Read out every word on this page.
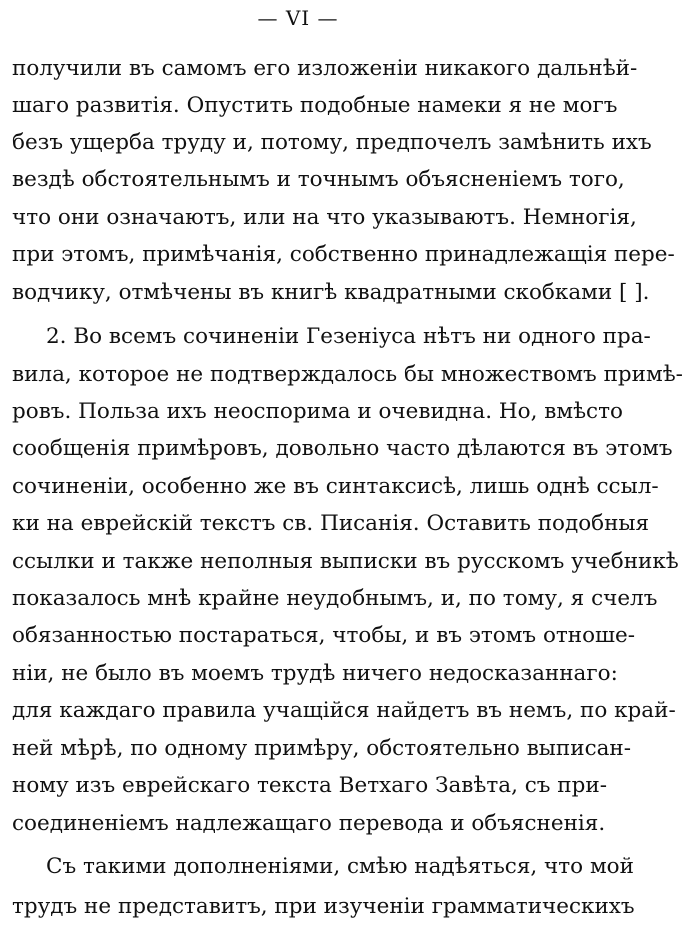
— VI —
получили въ самомъ его изложеніи никакого дальнѣй-
шаго развитія. Опустить подобные намеки я не могъ
безъ ущерба труду и, потому, предпочелъ замѣнить ихъ
вездѣ обстоятельнымъ и точнымъ объясненіемъ того,
что они означаютъ, или на что указываютъ. Немногія,
при этомъ, примѣчанія, собственно принадлежащія пере-
водчику, отмѣчены въ книгѣ квадратными скобками [ ].
2. Во всемъ сочиненіи Гезеніуса нѣтъ ни одного пра-
вила, которое не подтверждалось бы множествомъ примѣ-
ровъ. Польза ихъ неоспорима и очевидна. Но, вмѣсто
сообщенія примѣровъ, довольно часто дѣлаются въ этомъ
сочиненіи, особенно же въ синтаксисѣ, лишь однѣ ссыл-
ки на еврейскій текстъ св. Писанія. Оставить подобныя
ссылки и также неполныя выписки въ русскомъ учебникѣ
показалось мнѣ крайне неудобнымъ, и, по тому, я счелъ
обязанностью постараться, чтобы, и въ этомъ отноше-
ніи, не было въ моемъ трудѣ ничего недосказаннаго:
для каждаго правила учащійся найдетъ въ немъ, по край-
ней мѣрѣ, по одному примѣру, обстоятельно выписан-
ному изъ еврейскаго текста Ветхаго Завѣта, съ при-
соединеніемъ надлежащаго перевода и объясненія.
Съ такими дополненіями, смѣю надѣяться, что мой
трудъ не представитъ, при изученіи грамматическихъ
